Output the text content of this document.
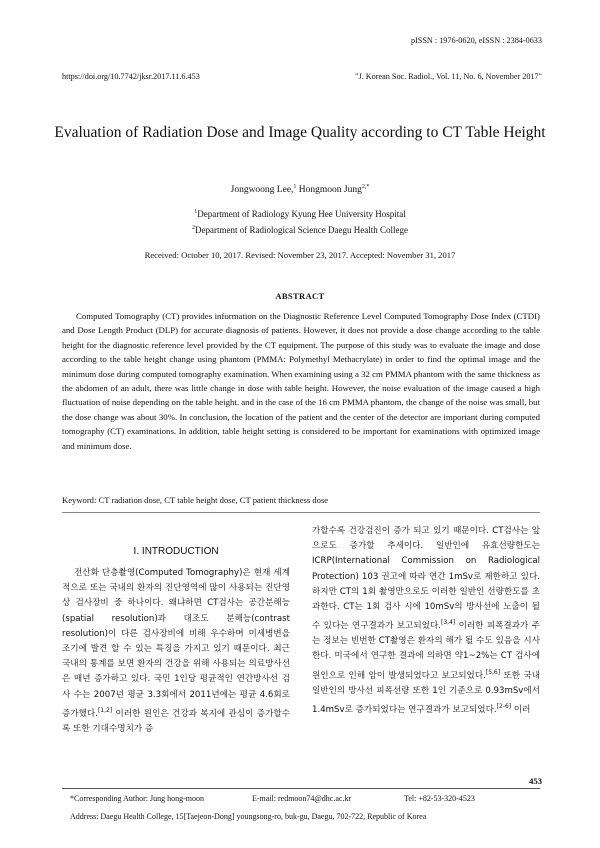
pISSN : 1976-0620, eISSN : 2384-0633
https://doi.org/10.7742/jksr.2017.11.6.453	"J. Korean Soc. Radiol., Vol. 11, No. 6, November 2017"
Evaluation of Radiation Dose and Image Quality according to CT Table Height
Jongwoong Lee,$^1$ Hongmoon Jung$^{2,*}$
$^1$Department of Radiology Kyung Hee University Hospital
$^2$Department of Radiological Science Daegu Health College
Received: October 10, 2017. Revised: November 23, 2017. Accepted: November 31, 2017
ABSTRACT

Computed Tomography (CT) provides information on the Diagnostic Reference Level Computed Tomography Dose Index (CTDI) and Dose Length Product (DLP) for accurate diagnosis of patients. However, it does not provide a dose change according to the table height for the diagnostic reference level provided by the CT equipment. The purpose of this study was to evaluate the image and dose according to the table height change using phantom (PMMA: Polymethyl Methacrylate) in order to find the optimal image and the minimum dose during computed tomography examination. When examining using a 32 cm PMMA phantom with the same thickness as the abdomen of an adult, there was little change in dose with table height. However, the noise evaluation of the image caused a high fluctuation of noise depending on the table height. and in the case of the 16 cm PMMA phantom, the change of the noise was small, but the dose change was about 30%. In conclusion, the location of the patient and the center of the detector are important during computed tomography (CT) examinations. In addition, table height setting is considered to be important for examinations with optimized image and minimum dose.

Keyword: CT radiation dose, CT table height dose, CT patient thickness dose
Ⅰ. INTRODUCTION

전산화 단층촬영(Computed Tomography)은 현재 세계적으로 또는 국내의 환자의 진단영역에 많이 사용되는 진단영상 검사장비 중 하나이다. 왜냐하면 CT검사는 공간분해능(spatial resolution)과 대조도 분해능(contrast resolution)이 다른 검사장비에 비해 우수하며 미세병변을 조기에 발견 할 수 있는 특징을 가지고 있기 때문이다. 최근 국내의 통계를 보면 환자의 건강을 위해 사용되는 의료방사선은 매년 증가하고 있다. 국민 1인당 평균적인 연간방사선 검사 수는 2007년 평균 3.3회에서 2011년에는 평균 4.6회로 증가했다.[1,2] 이러한 원인은 건강과 복지에 관심이 증가할수록 또한 기대수명치가 증

가할수록 건강검진이 증가 되고 있기 때문이다. CT검사는 앞으로도 증가할 추세이다. 일반인에 유효선량한도는 ICRP(International Commission on Radiological Protection) 103 권고에 따라 연간 1mSv로 제한하고 있다. 하지만 CT의 1회 촬영만으로도 이러한 일반인 선량한도를 초과한다. CT는 1회 검사 시에 10mSv의 방사선에 노출이 될 수 있다는 연구결과가 보고되었다.[3,4] 이러한 피폭결과가 주는 정보는 빈번한 CT촬영은 환자의 해가 될 수도 있음을 시사한다. 미국에서 연구한 결과에 의하면 약1~2%는 CT 검사에 원인으로 인해 암이 발생되었다고 보고되었다.[5,6] 또한 국내 일반인의 방사선 피폭선량 또한 1인 기준으로 0.93mSv에서 1.4mSv로 증가되었다는 연구결과가 보고되었다.[2-6] 이러

453
*Corresponding Author: Jung hong-moon	E-mail: redmoon74@dhc.ac.kr	Tel: +82-53-320-4523
Address: Daegu Health College, 15[Taejeon-Dong] youngsong-ro, buk-gu, Daegu, 702-722, Republic of Korea
